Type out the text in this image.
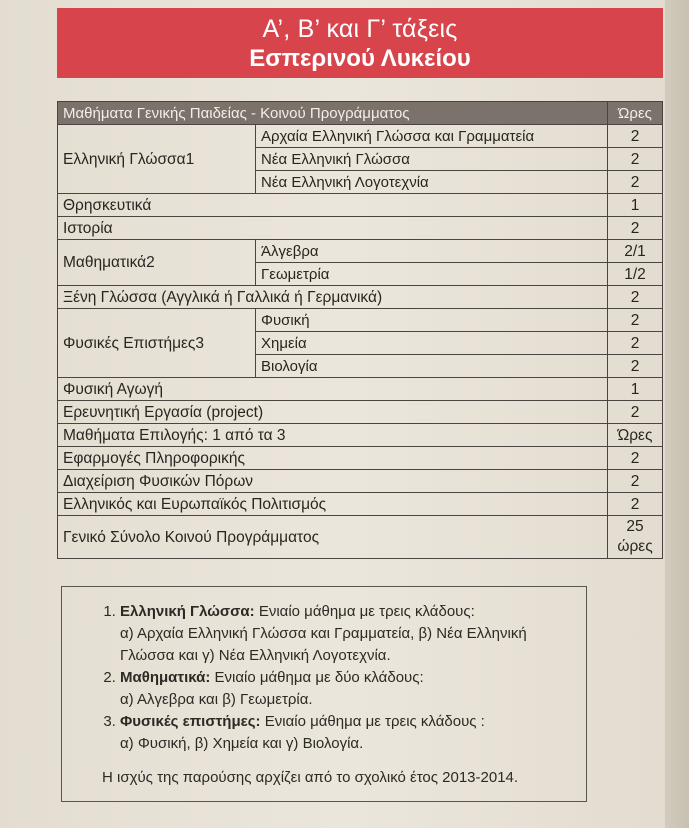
Α’, Β’ και Γ’ τάξεις
Εσπερινού Λυκείου
Μαθήματα Γενικής Παιδείας - Κοινού Προγράμματος		Ώρες
Ελληνική Γλώσσα1	Αρχαία Ελληνική Γλώσσα και Γραμματεία	2
	Νέα Ελληνική Γλώσσα	2
	Νέα Ελληνική Λογοτεχνία	2
Θρησκευτικά		1
Ιστορία		2
Μαθηματικά2	Άλγεβρα	2/1
	Γεωμετρία	1/2
Ξένη Γλώσσα (Αγγλικά ή Γαλλικά ή Γερμανικά)		2
Φυσικές Επιστήμες3	Φυσική	2
	Χημεία	2
	Βιολογία	2
Φυσική Αγωγή		1
Ερευνητική Εργασία (project)		2
Μαθήματα Επιλογής: 1 από τα 3		Ώρες
Εφαρμογές Πληροφορικής		2
Διαχείριση Φυσικών Πόρων		2
Ελληνικός και Ευρωπαϊκός Πολιτισμός		2
Γενικό Σύνολο Κοινού Προγράμματος		25
ώρες
1. Ελληνική Γλώσσα: Ενιαίο μάθημα με τρεις κλάδους:
α) Αρχαία Ελληνική Γλώσσα και Γραμματεία, β) Νέα Ελληνική
Γλώσσα και γ) Νέα Ελληνική Λογοτεχνία.
2. Μαθηματικά: Ενιαίο μάθημα με δύο κλάδους:
α) Αλγεβρα και β) Γεωμετρία.
3. Φυσικές επιστήμες: Ενιαίο μάθημα με τρεις κλάδους :
α) Φυσική, β) Χημεία και γ) Βιολογία.
Η ισχύς της παρούσης αρχίζει από το σχολικό έτος 2013-2014.
